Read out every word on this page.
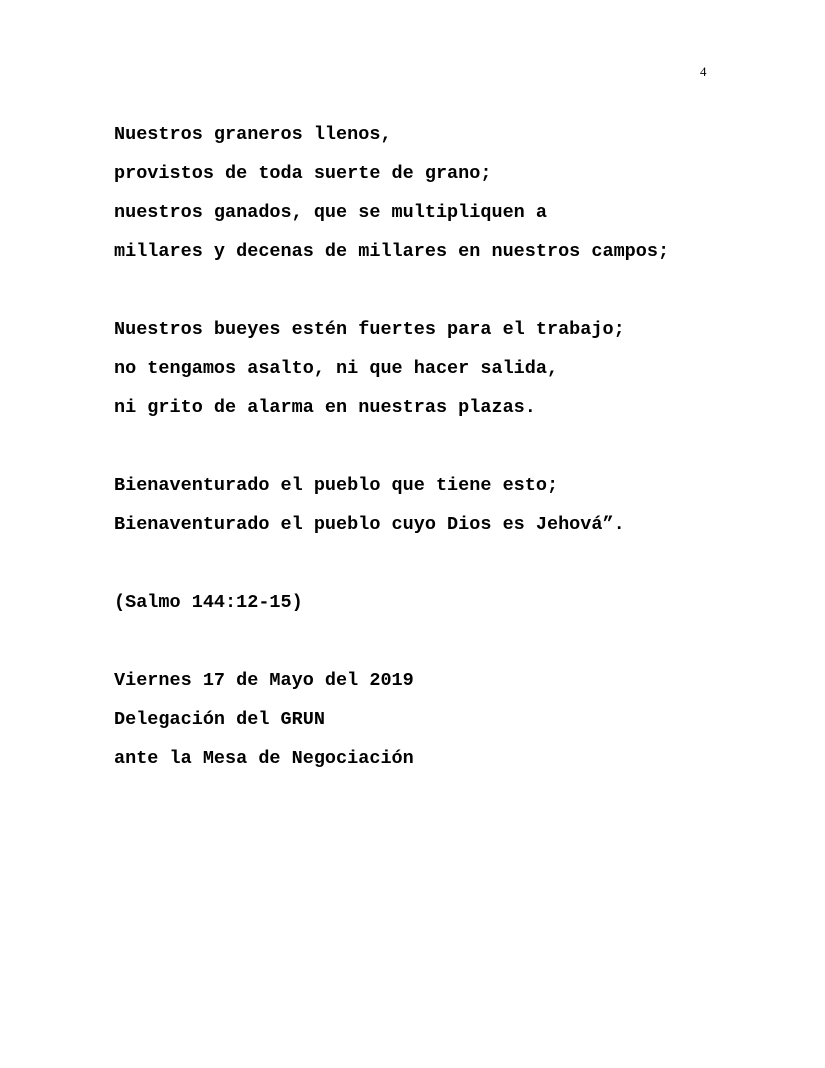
4
Nuestros graneros llenos,
provistos de toda suerte de grano;
nuestros ganados, que se multipliquen a
millares y decenas de millares en nuestros campos;
Nuestros bueyes estén fuertes para el trabajo;
no tengamos asalto, ni que hacer salida,
ni grito de alarma en nuestras plazas.
Bienaventurado el pueblo que tiene esto;
Bienaventurado el pueblo cuyo Dios es Jehová”.
(Salmo 144:12-15)
Viernes 17 de Mayo del 2019
Delegación del GRUN
ante la Mesa de Negociación
